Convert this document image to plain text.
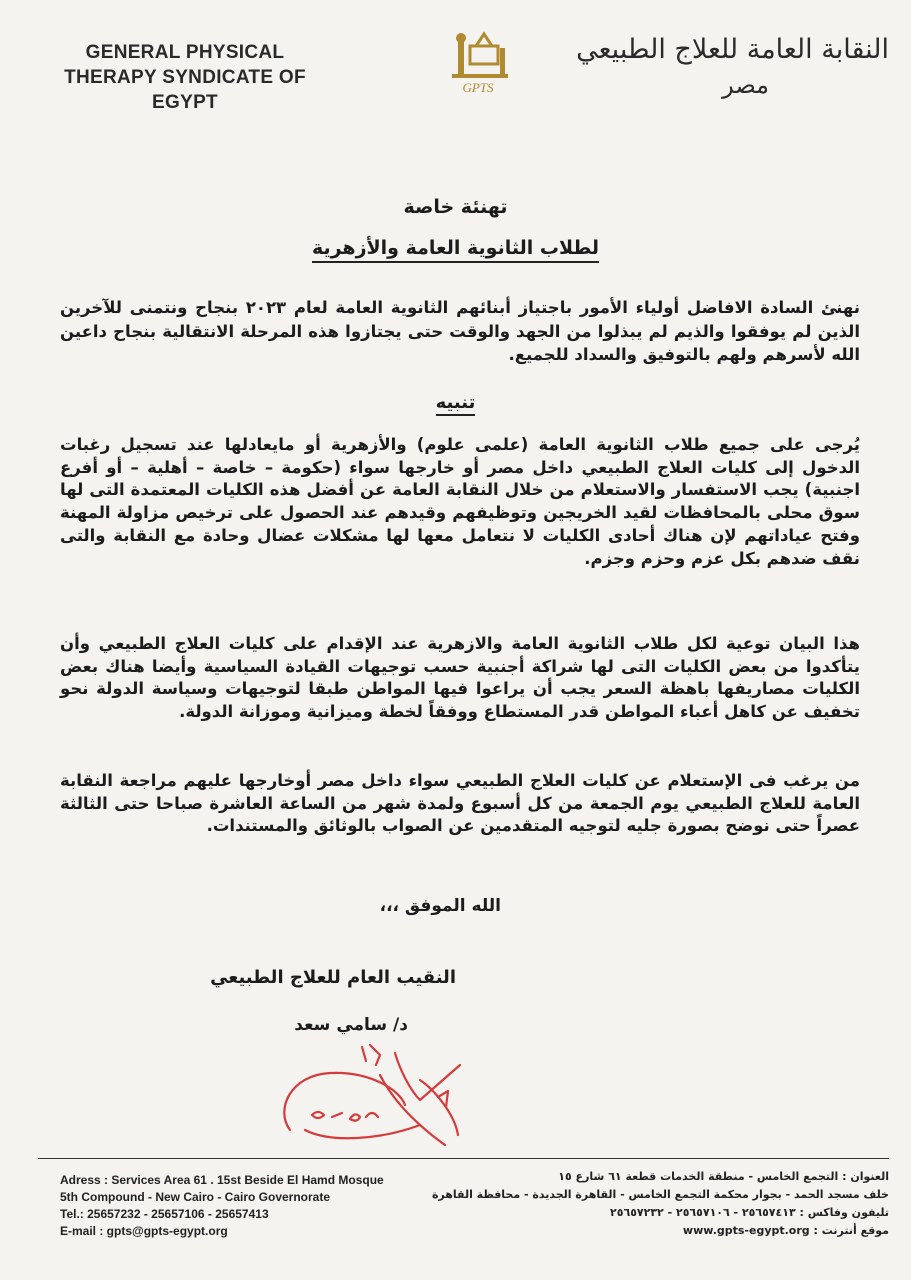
GENERAL PHYSICAL
THERAPY SYNDICATE OF
EGYPT
GPTS
النقابة العامة للعلاج الطبيعي
مصر
تهنئة خاصة
لطلاب الثانوية العامة والأزهرية
نهنئ السادة الافاضل أولياء الأمور باجتياز أبنائهم الثانوية العامة لعام ٢٠٢٣ بنجاح ونتمنى للآخرين الذين لم يوفقوا والذيم لم يبذلوا من الجهد والوقت حتى يجتازوا هذه المرحلة الانتقالية بنجاح داعين الله لأسرهم ولهم بالتوفيق والسداد للجميع.
تنبيه
يُرجى على جميع طلاب الثانوية العامة (علمى علوم) والأزهرية أو مايعادلها عند تسجيل رغبات الدخول إلى كليات العلاج الطبيعي داخل مصر أو خارجها سواء (حكومة – خاصة – أهلية – أو أفرع اجنبية) يجب الاستفسار والاستعلام من خلال النقابة العامة عن أفضل هذه الكليات المعتمدة التى لها سوق محلى بالمحافظات لقيد الخريجين وتوظيفهم وقيدهم عند الحصول على ترخيص مزاولة المهنة وفتح عياداتهم لإن هناك أحادى الكليات لا نتعامل معها لها مشكلات عضال وحادة مع النقابة والتى نقف ضدهم بكل عزم وحزم وجزم.
هذا البيان توعية لكل طلاب الثانوية العامة والازهرية عند الإقدام على كليات العلاج الطبيعي وأن يتأكدوا من بعض الكليات التى لها شراكة أجنبية حسب توجيهات القيادة السياسية وأيضا هناك بعض الكليات مصاريفها باهظة السعر يجب أن يراعوا فيها المواطن طبقا لتوجيهات وسياسة الدولة نحو تخفيف عن كاهل أعباء المواطن قدر المستطاع ووفقاً لخطة وميزانية وموزانة الدولة.
من يرغب فى الإستعلام عن كليات العلاج الطبيعي سواء داخل مصر أوخارجها عليهم مراجعة النقابة العامة للعلاج الطبيعي يوم الجمعة من كل أسبوع ولمدة شهر من الساعة العاشرة صباحا حتى الثالثة عصراً حتى نوضح بصورة جليه لتوجيه المتقدمين عن الصواب بالوثائق والمستندات.
الله الموفق ،،،
النقيب العام للعلاج الطبيعي
د/ سامي سعد
Adress : Services Area 61 . 15st Beside El Hamd Mosque
5th Compound - New Cairo - Cairo Governorate
Tel.: 25657232 - 25657106 - 25657413
E-mail : gpts@gpts-egypt.org
العنوان : التجمع الخامس - منطقة الخدمات قطعة ٦١ شارع ١٥
خلف مسجد الحمد - بجوار محكمة التجمع الخامس - القاهرة الجديدة - محافظة القاهرة
تليفون وفاكس : ٢٥٦٥٧٤١٣ - ٢٥٦٥٧١٠٦ - ٢٥٦٥٧٢٣٢
موقع أنترنت : www.gpts-egypt.org
